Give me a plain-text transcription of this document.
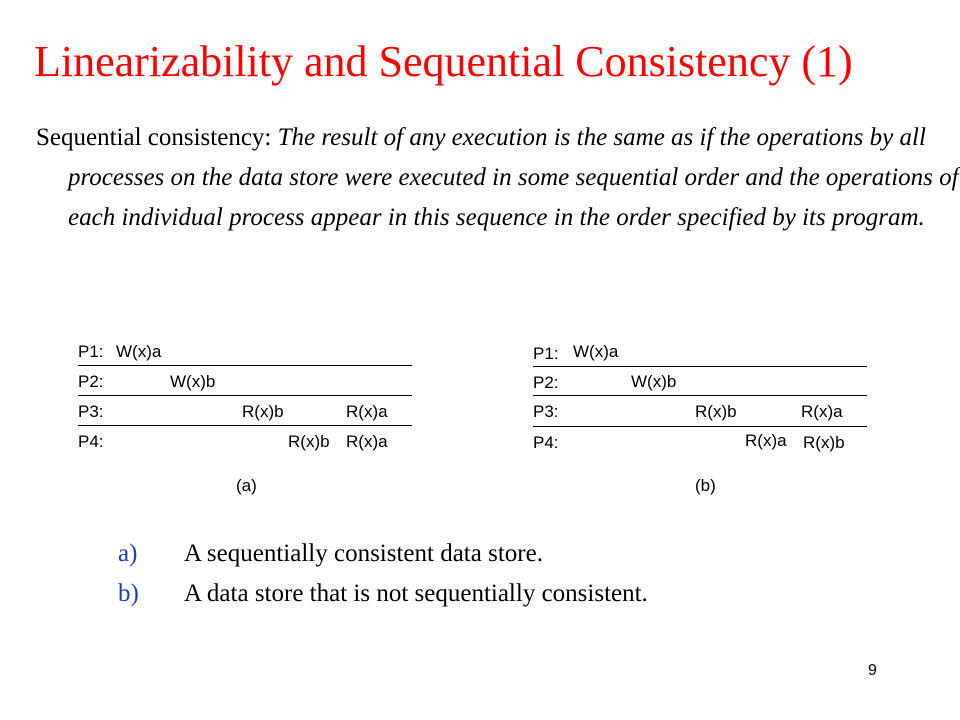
Linearizability and Sequential Consistency (1)
Sequential consistency: The result of any execution is the same as if the operations by all processes on the data store were executed in some sequential order and the operations of each individual process appear in this sequence in the order specified by its program.
P1: W(x)a
P2:	W(x)b
P3:	R(x)b	R(x)a
P4:	R(x)b R(x)a
(a)
P1: W(x)a
P2:	W(x)b
P3:	R(x)b	R(x)a
P4:	R(x)a R(x)b
(b)
a)	A sequentially consistent data store.
b)	A data store that is not sequentially consistent.
9
